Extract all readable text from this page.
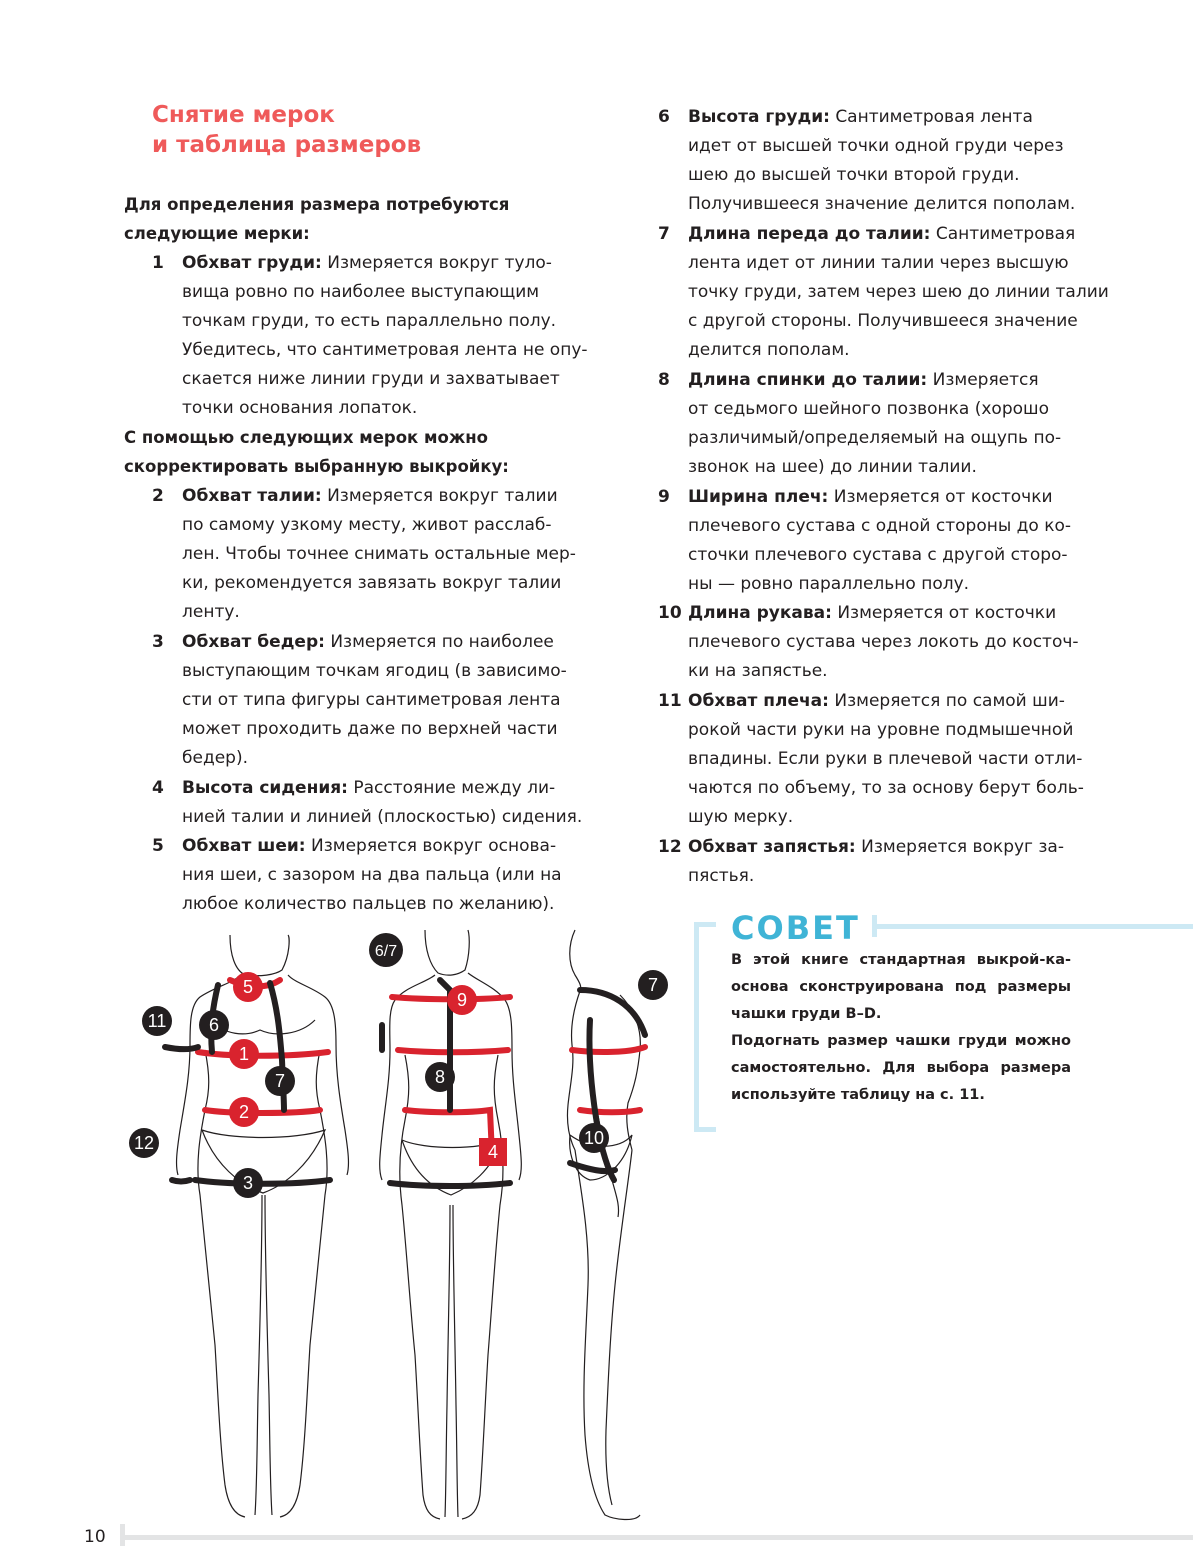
Снятие мерок
и таблица размеров
Для определения размера потребуются
следующие мерки:
1 Обхват груди: Измеряется вокруг туло-
вища ровно по наиболее выступающим
точкам груди, то есть параллельно полу.
Убедитесь, что сантиметровая лента не опу-
скается ниже линии груди и захватывает
точки основания лопаток.
С помощью следующих мерок можно
скорректировать выбранную выкройку:
2 Обхват талии: Измеряется вокруг талии
по самому узкому месту, живот расслаб-
лен. Чтобы точнее снимать остальные мер-
ки, рекомендуется завязать вокруг талии
ленту.
3 Обхват бедер: Измеряется по наиболее
выступающим точкам ягодиц (в зависимо-
сти от типа фигуры сантиметровая лента
может проходить даже по верхней части
бедер).
4 Высота сидения: Расстояние между ли-
нией талии и линией (плоскостью) сидения.
5 Обхват шеи: Измеряется вокруг основа-
ния шеи, с зазором на два пальца (или на
любое количество пальцев по желанию).
6 Высота груди: Сантиметровая лента
идет от высшей точки одной груди через
шею до высшей точки второй груди.
Получившееся значение делится пополам.
7 Длина переда до талии: Сантиметровая
лента идет от линии талии через высшую
точку груди, затем через шею до линии талии
с другой стороны. Получившееся значение
делится пополам.
8 Длина спинки до талии: Измеряется
от седьмого шейного позвонка (хорошо
различимый/определяемый на ощупь по-
звонок на шее) до линии талии.
9 Ширина плеч: Измеряется от косточки
плечевого сустава с одной стороны до ко-
сточки плечевого сустава с другой сторо-
ны — ровно параллельно полу.
10 Длина рукава: Измеряется от косточки
плечевого сустава через локоть до косточ-
ки на запястье.
11 Обхват плеча: Измеряется по самой ши-
рокой части руки на уровне подмышечной
впадины. Если руки в плечевой части отли-
чаются по объему, то за основу берут боль-
шую мерку.
12 Обхват запястья: Измеряется вокруг за-
пястья.
СОВЕТ

В этой книге стандартная выкрой-ка-основа сконструирована под размеры чашки груди B–D.

Подогнать размер чашки груди можно самостоятельно. Для выбора размера используйте таблицу на с. 11.

1
2
3
5
6
7
11
12
6/7
9
8
4
7
10
10
